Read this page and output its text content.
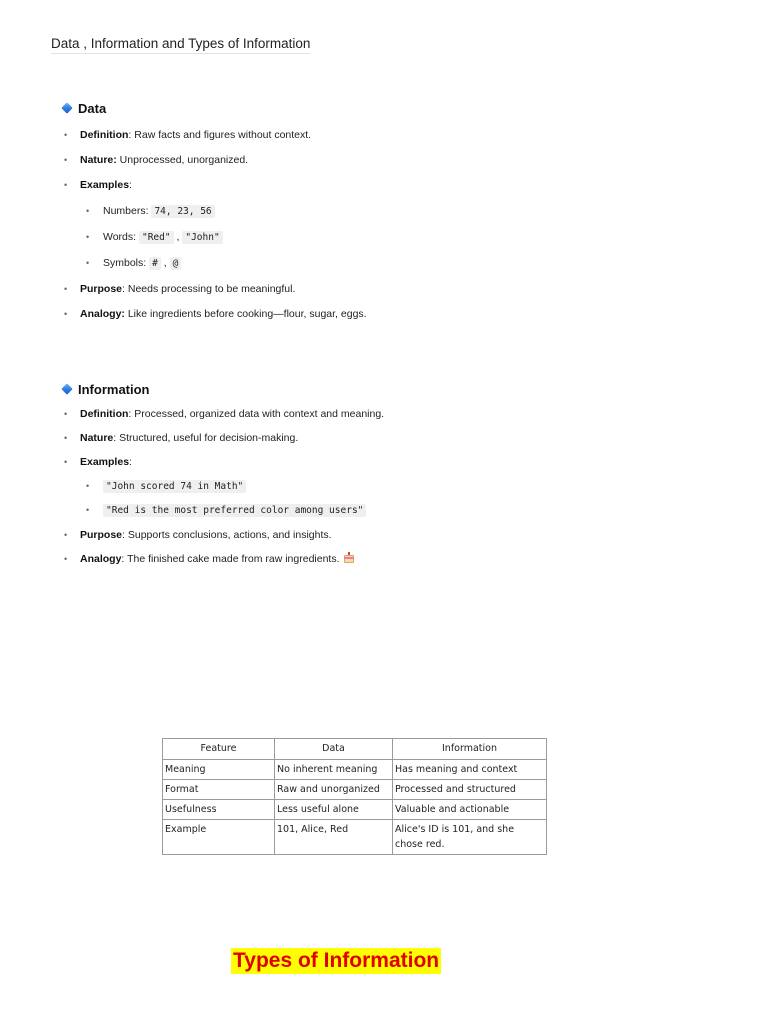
Data , Information and Types of Information
Data
• Definition: Raw facts and figures without context.
• Nature: Unprocessed, unorganized.
• Examples:
• Numbers: 74, 23, 56
• Words: "Red" , "John"
• Symbols: # , @
• Purpose: Needs processing to be meaningful.
• Analogy: Like ingredients before cooking—flour, sugar, eggs.
Information
• Definition: Processed, organized data with context and meaning.
• Nature: Structured, useful for decision-making.
• Examples:
• "John scored 74 in Math"
• "Red is the most preferred color among users"
• Purpose: Supports conclusions, actions, and insights.
• Analogy: The finished cake made from raw ingredients.
Feature	Data	Information
Meaning	No inherent meaning	Has meaning and context
Format	Raw and unorganized	Processed and structured
Usefulness	Less useful alone	Valuable and actionable
Example	101, Alice, Red	Alice's ID is 101, and she chose red.
Types of Information
